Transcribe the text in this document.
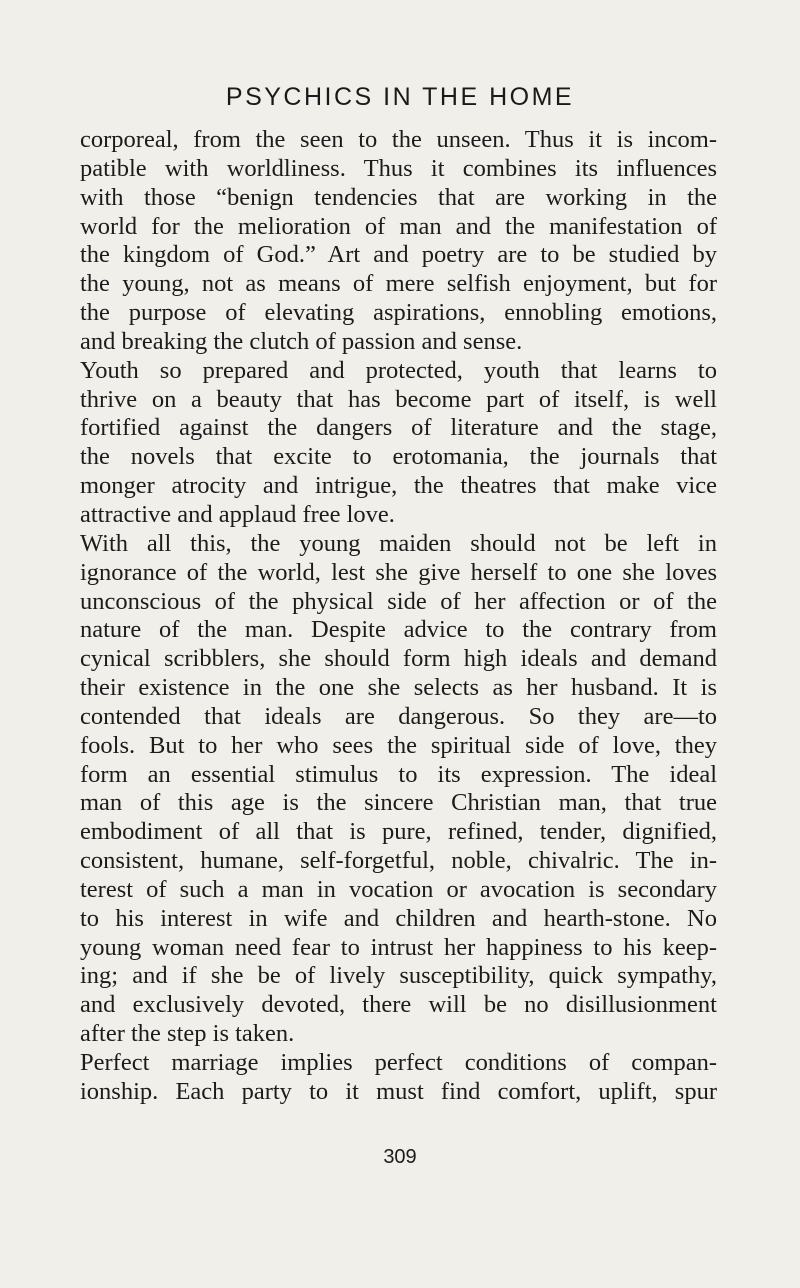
PSYCHICS IN THE HOME
corporeal, from the seen to the unseen. Thus it is incom-
patible with worldliness. Thus it combines its influences
with those “benign tendencies that are working in the
world for the melioration of man and the manifestation of
the kingdom of God.” Art and poetry are to be studied by
the young, not as means of mere selfish enjoyment, but for
the purpose of elevating aspirations, ennobling emotions,
and breaking the clutch of passion and sense.
Youth so prepared and protected, youth that learns to
thrive on a beauty that has become part of itself, is well
fortified against the dangers of literature and the stage,
the novels that excite to erotomania, the journals that
monger atrocity and intrigue, the theatres that make vice
attractive and applaud free love.
With all this, the young maiden should not be left in
ignorance of the world, lest she give herself to one she loves
unconscious of the physical side of her affection or of the
nature of the man. Despite advice to the contrary from
cynical scribblers, she should form high ideals and demand
their existence in the one she selects as her husband. It is
contended that ideals are dangerous. So they are—to
fools. But to her who sees the spiritual side of love, they
form an essential stimulus to its expression. The ideal
man of this age is the sincere Christian man, that true
embodiment of all that is pure, refined, tender, dignified,
consistent, humane, self-forgetful, noble, chivalric. The in-
terest of such a man in vocation or avocation is secondary
to his interest in wife and children and hearth-stone. No
young woman need fear to intrust her happiness to his keep-
ing; and if she be of lively susceptibility, quick sympathy,
and exclusively devoted, there will be no disillusionment
after the step is taken.
Perfect marriage implies perfect conditions of compan-
ionship. Each party to it must find comfort, uplift, spur
309
